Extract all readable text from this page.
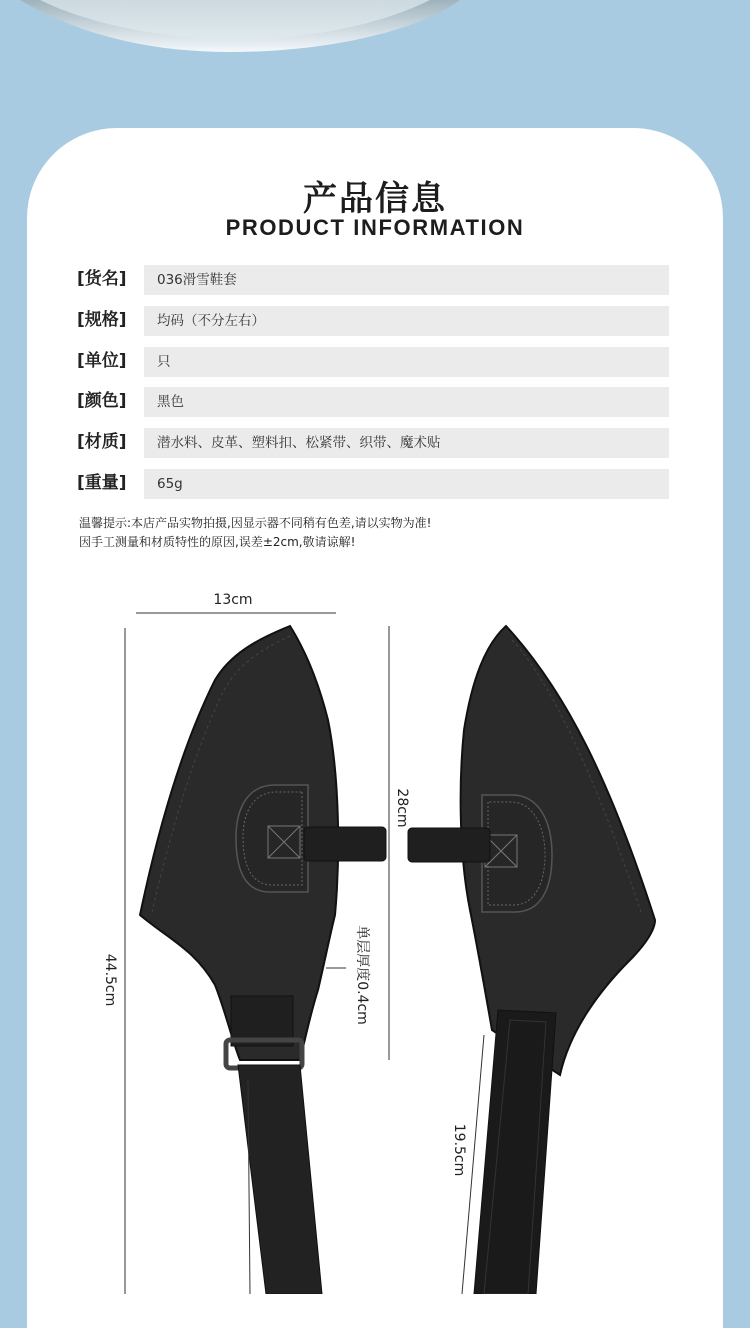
产品信息
PRODUCT INFORMATION
[货名]	036滑雪鞋套
[规格]	均码（不分左右）
[单位]	只
[颜色]	黑色
[材质]	潜水料、皮革、塑料扣、松紧带、织带、魔术贴
[重量]	65g
温馨提示:本店产品实物拍摄,因显示器不同稍有色差,请以实物为准!
因手工测量和材质特性的原因,误差±2cm,敬请谅解!
13cm
44.5cm
28cm
单层厚度0.4cm
19.5cm
